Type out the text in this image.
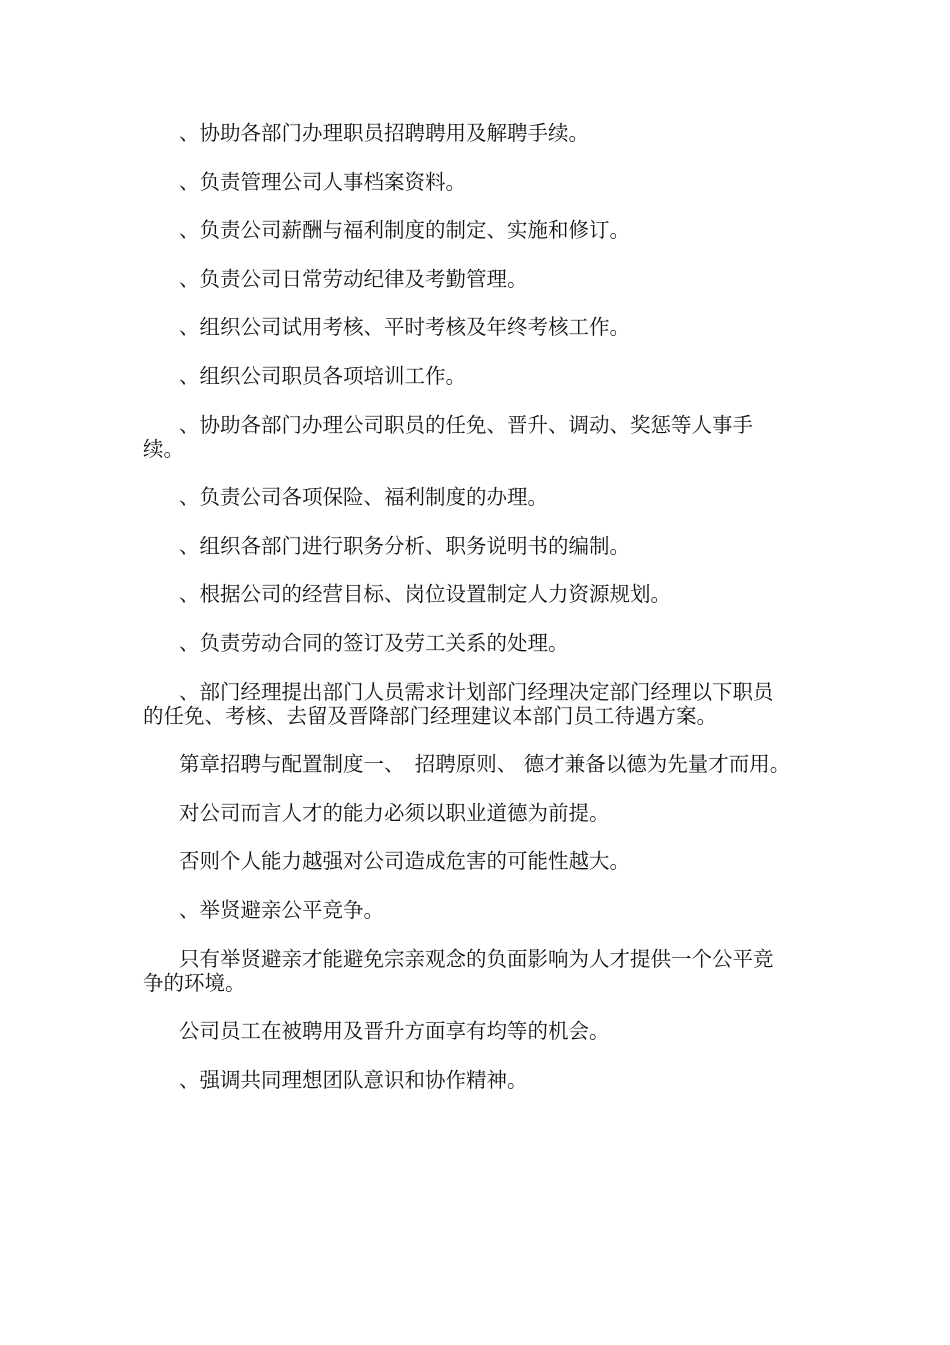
、协助各部门办理职员招聘聘用及解聘手续。

、负责管理公司人事档案资料。

、负责公司薪酬与福利制度的制定、实施和修订。

、负责公司日常劳动纪律及考勤管理。

、组织公司试用考核、平时考核及年终考核工作。

、组织公司职员各项培训工作。

、协助各部门办理公司职员的任免、晋升、调动、奖惩等人事手续。

、负责公司各项保险、福利制度的办理。

、组织各部门进行职务分析、职务说明书的编制。

、根据公司的经营目标、岗位设置制定人力资源规划。

、负责劳动合同的签订及劳工关系的处理。

、部门经理提出部门人员需求计划部门经理决定部门经理以下职员的任免、考核、去留及晋降部门经理建议本部门员工待遇方案。

第章招聘与配置制度一、　招聘原则、 德才兼备以德为先量才而用。

对公司而言人才的能力必须以职业道德为前提。

否则个人能力越强对公司造成危害的可能性越大。

、举贤避亲公平竞争。

只有举贤避亲才能避免宗亲观念的负面影响为人才提供一个公平竞争的环境。

公司员工在被聘用及晋升方面享有均等的机会。

、强调共同理想团队意识和协作精神。
